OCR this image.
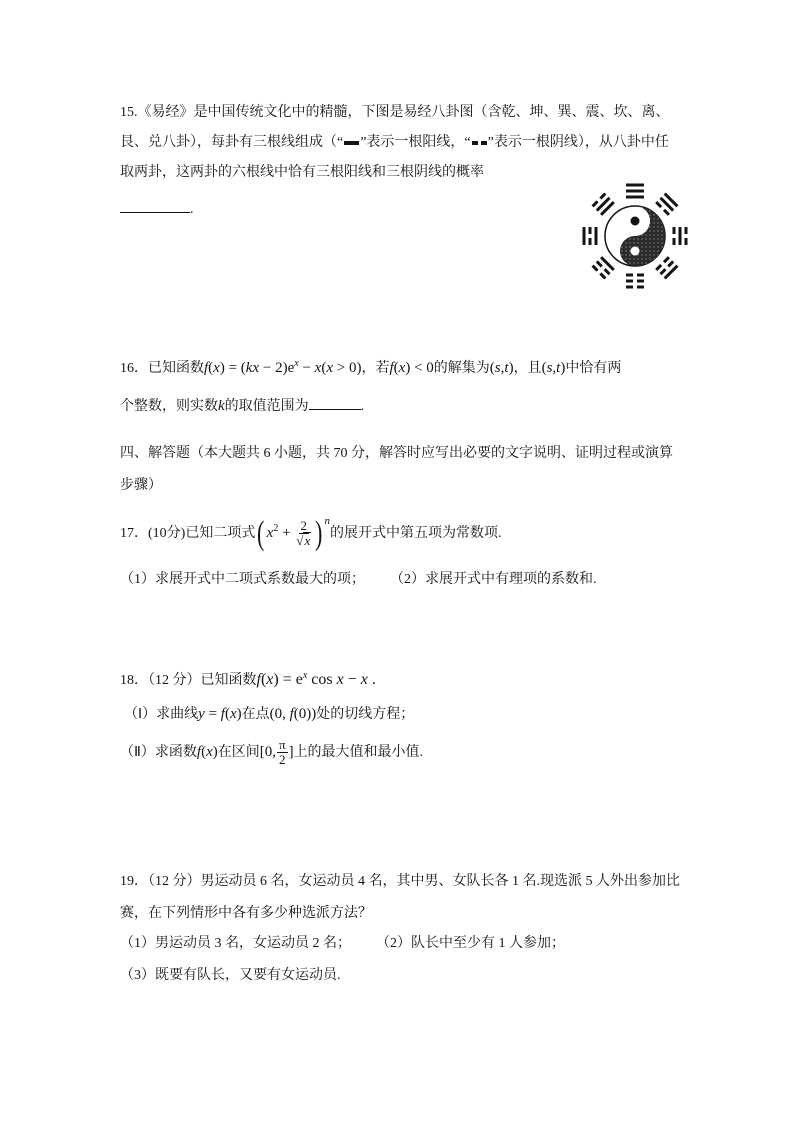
15.《易经》是中国传统文化中的精髓，下图是易经八卦图（含乾、坤、巽、震、坎、离、

艮、兑八卦），每卦有三根线组成（“ ”表示一根阳线，“ ”表示一根阴线），从八卦中任

取两卦，这两卦的六根线中恰有三根阳线和三根阴线的概率

.

16．已知函数$f(x) = (kx - 2)e^x - x(x > 0)$，若f(x) < 0的解集为(s,t)，且(s,t)中恰有两

个整数，则实数k的取值范围为	.

四、解答题（本大题共 6 小题，共 70 分，解答时应写出必要的文字说明、证明过程或演算

步骤）

17．(10分)已知二项式( $x^2 + \frac{2}{√x}$ ) $^n$的展开式中第五项为常数项.

（1）求展开式中二项式系数最大的项； （2）求展开式中有理项的系数和.

18．（12 分）已知函数$f(x) = e^x$ cos x − x .

（Ⅰ）求曲线y = f(x)在点(0, f(0))处的切线方程；

（Ⅱ）求函数f(x)在区间[0, $\frac{\pi}{2}$ ]上的最大值和最小值.

19．（12 分）男运动员 6 名，女运动员 4 名，其中男、女队长各 1 名.现选派 5 人外出参加比

赛，在下列情形中各有多少种选派方法？

（1）男运动员 3 名，女运动员 2 名； （2）队长中至少有 1 人参加；

（3）既要有队长，又要有女运动员.
